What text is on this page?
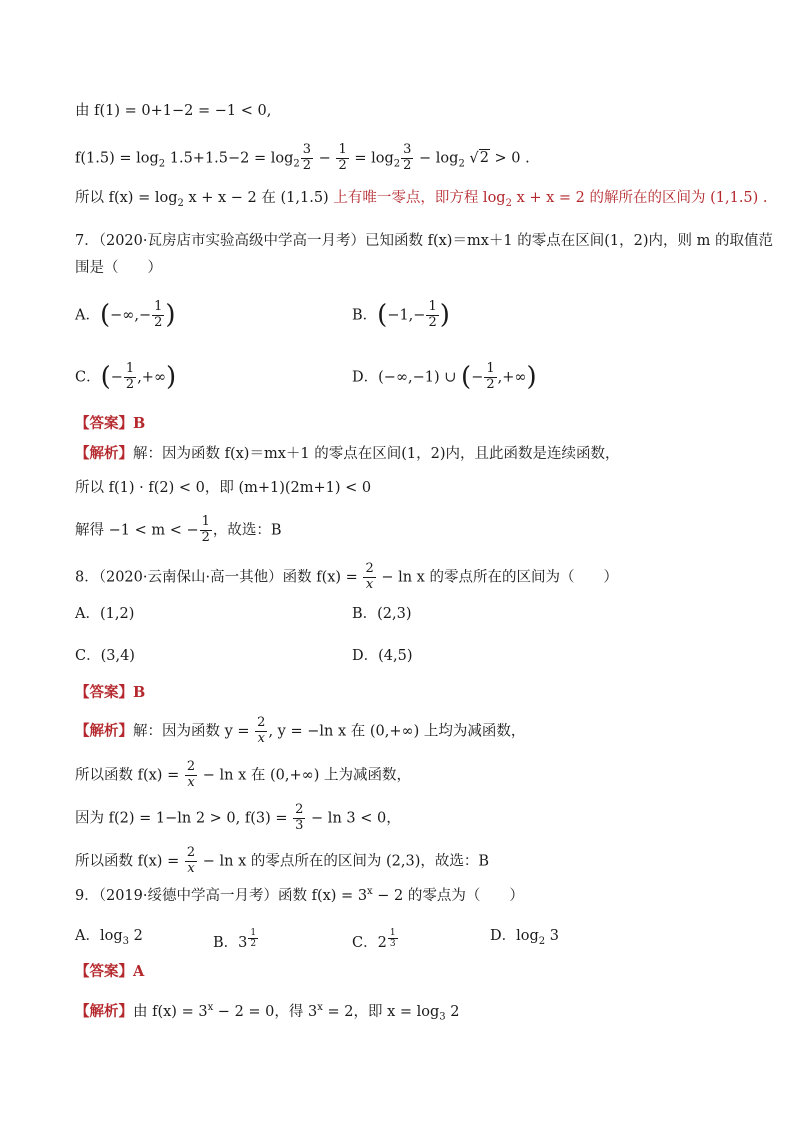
由 f(1) = 0+1−2 = −1 < 0,
$f(1.5) = \log_2 1.5+1.5-2 = \log_2 \frac{3}{2} - \frac{1}{2} = \log_2 \frac{3}{2} - \log_2 √2 > 0$ .
所以 $f(x) = \log_2 x + x - 2$ 在 (1,1.5) 上有唯一零点，即方程 $\log_2 x + x = 2$ 的解所在的区间为 (1,1.5) .
7．（2020·瓦房店市实验高级中学高一月考）已知函数 f(x)＝mx＋1 的零点在区间(1，2)内，则 m 的取值范
围是（　　）
A．(−∞,− $\frac{1}{2}$ )	B．($-1,- \frac{1}{2}$ )
C．(− $\frac{1}{2}$ ,+∞)	D．(−∞,−1) ∪ (− $\frac{1}{2}$ ,+∞)
【答案】B
【解析】解：因为函数 f(x)＝mx＋1 的零点在区间(1，2)内，且此函数是连续函数，
所以 f(1) · f(2) < 0，即 (m+1)(2m+1) < 0
解得 −1 < m < − $\frac{1}{2}$ ，故选：B
8．（2020·云南保山·高一其他）函数 $f(x) = \frac{2}{x} - \ln x$ 的零点所在的区间为（　　）
A．(1,2)	B．(2,3)
C．(3,4)	D．(4,5)
【答案】B
【解析】解：因为函数 $y = \frac{2}{x}$ , y = −ln x 在 (0,+∞) 上均为减函数，
所以函数 $f(x) = \frac{2}{x} - \ln x$ 在 (0,+∞) 上为减函数，
因为 f(2) = 1−ln 2 > 0, $f(3) = \frac{2}{3} - \ln 3 < 0$，
所以函数 $f(x) = \frac{2}{x} - \ln x$ 的零点所在的区间为 (2,3)，故选：B
9．（2019·绥德中学高一月考）函数 $f(x) = 3^x - 2$ 的零点为（　　）
A．$\log_3 2$	B．3 $^{\frac{1}{2}}$	C．2 $^{\frac{1}{3}}$	D．$\log_2 3$
【答案】A
【解析】由 $f(x) = 3^x - 2 = 0$，得 $3^x = 2$，即 $x = \log_3 2$
